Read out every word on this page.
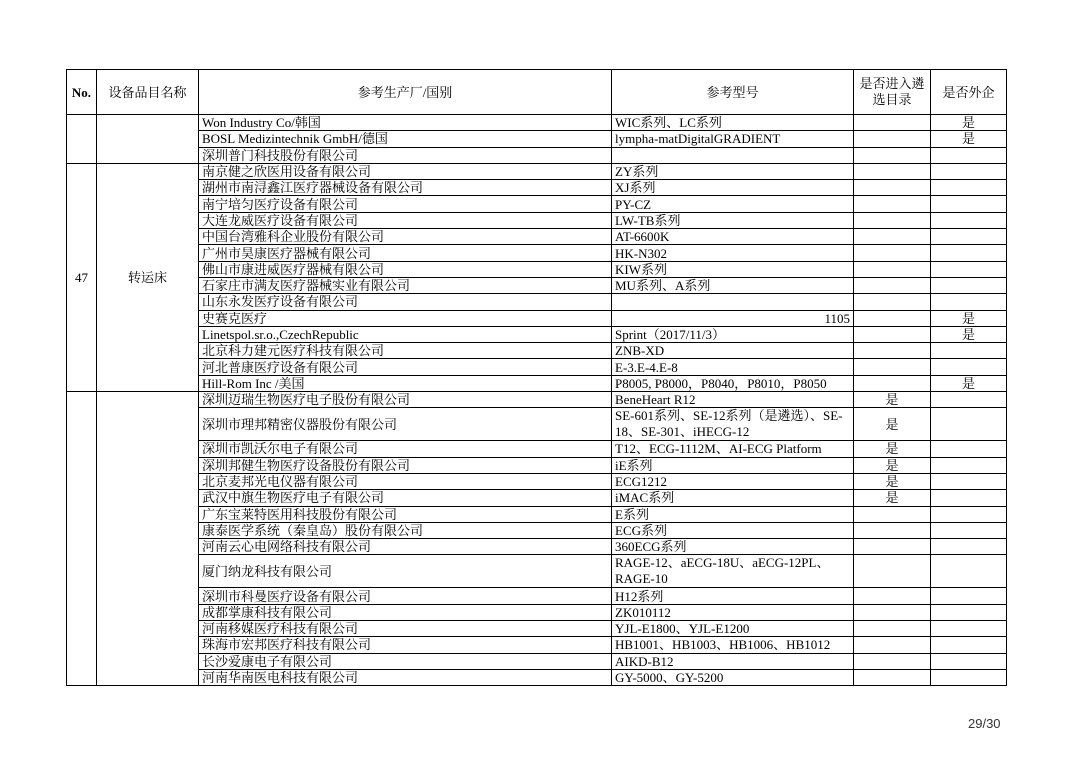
No.	设备品目名称	参考生产厂/国别	参考型号	是否进入遴选目录	是否外企
		Won Industry Co/韩国	WIC系列、LC系列		是
		BOSL Medizintechnik GmbH/德国	lympha-matDigitalGRADIENT		是
		深圳普门科技股份有限公司			
47	转运床	南京健之欣医用设备有限公司	ZY系列		
		湖州市南浔鑫江医疗器械设备有限公司	XJ系列		
		南宁培匀医疗设备有限公司	PY-CZ		
		大连龙威医疗设备有限公司	LW-TB系列		
		中国台湾雅科企业股份有限公司	AT-6600K		
		广州市昊康医疗器械有限公司	HK-N302		
		佛山市康进威医疗器械有限公司	KIW系列		
		石家庄市满友医疗器械实业有限公司	MU系列、A系列		
		山东永发医疗设备有限公司			
		史赛克医疗	1105		是
		Linetspol.sr.o.,CzechRepublic	Sprint（2017/11/3）		是
		北京科力建元医疗科技有限公司	ZNB-XD		
		河北普康医疗设备有限公司	E-3.E-4.E-8		
		Hill-Rom Inc /美国	P8005, P8000，P8040，P8010，P8050		是
		深圳迈瑞生物医疗电子股份有限公司	BeneHeart R12	是	
		深圳市理邦精密仪器股份有限公司	SE-601系列、SE-12系列（是遴选）、SE-18、SE-301、iHECG-12	是	
		深圳市凯沃尔电子有限公司	T12、ECG-1112M、AI-ECG Platform	是	
		深圳邦健生物医疗设备股份有限公司	iE系列	是	
		北京麦邦光电仪器有限公司	ECG1212	是	
		武汉中旗生物医疗电子有限公司	iMAC系列	是	
		广东宝莱特医用科技股份有限公司	E系列		
		康泰医学系统（秦皇岛）股份有限公司	ECG系列		
		河南云心电网络科技有限公司	360ECG系列		
		厦门纳龙科技有限公司	RAGE-12、aECG-18U、aECG-12PL、RAGE-10		
		深圳市科曼医疗设备有限公司	H12系列		
		成都掌康科技有限公司	ZK010112		
		河南移媒医疗科技有限公司	YJL-E1800、YJL-E1200		
		珠海市宏邦医疗科技有限公司	HB1001、HB1003、HB1006、HB1012		
		长沙爱康电子有限公司	AIKD-B12		
		河南华南医电科技有限公司	GY-5000、GY-5200		
29/30
